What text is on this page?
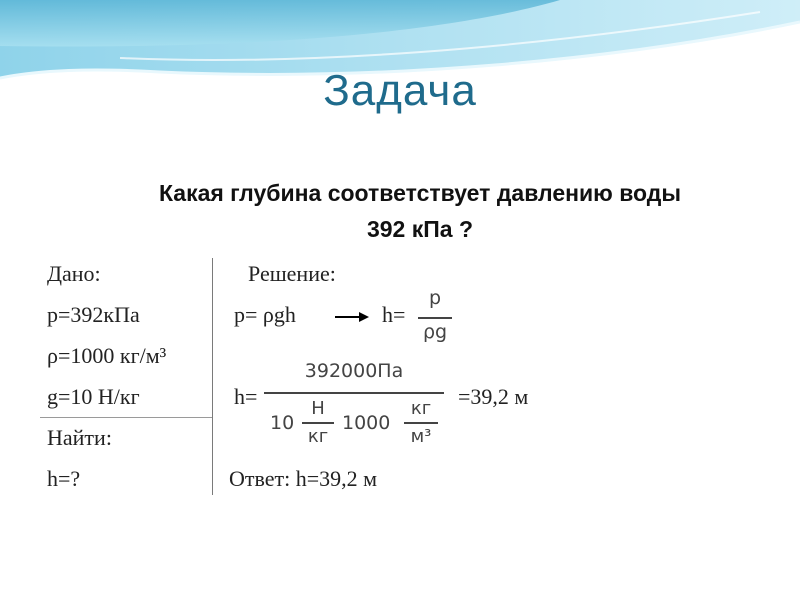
Задача
Какая глубина соответствует давлению воды
392 кПа ?
Дано:
p=392кПа
ρ=1000 кг/м³
g=10 Н/кг
Найти:
h=?
Решение:
p= ρgh	h=
p
ρg
h=
392000Па
10
Н
кг
1000
кг
м³
=39,2 м
Ответ: h=39,2 м
